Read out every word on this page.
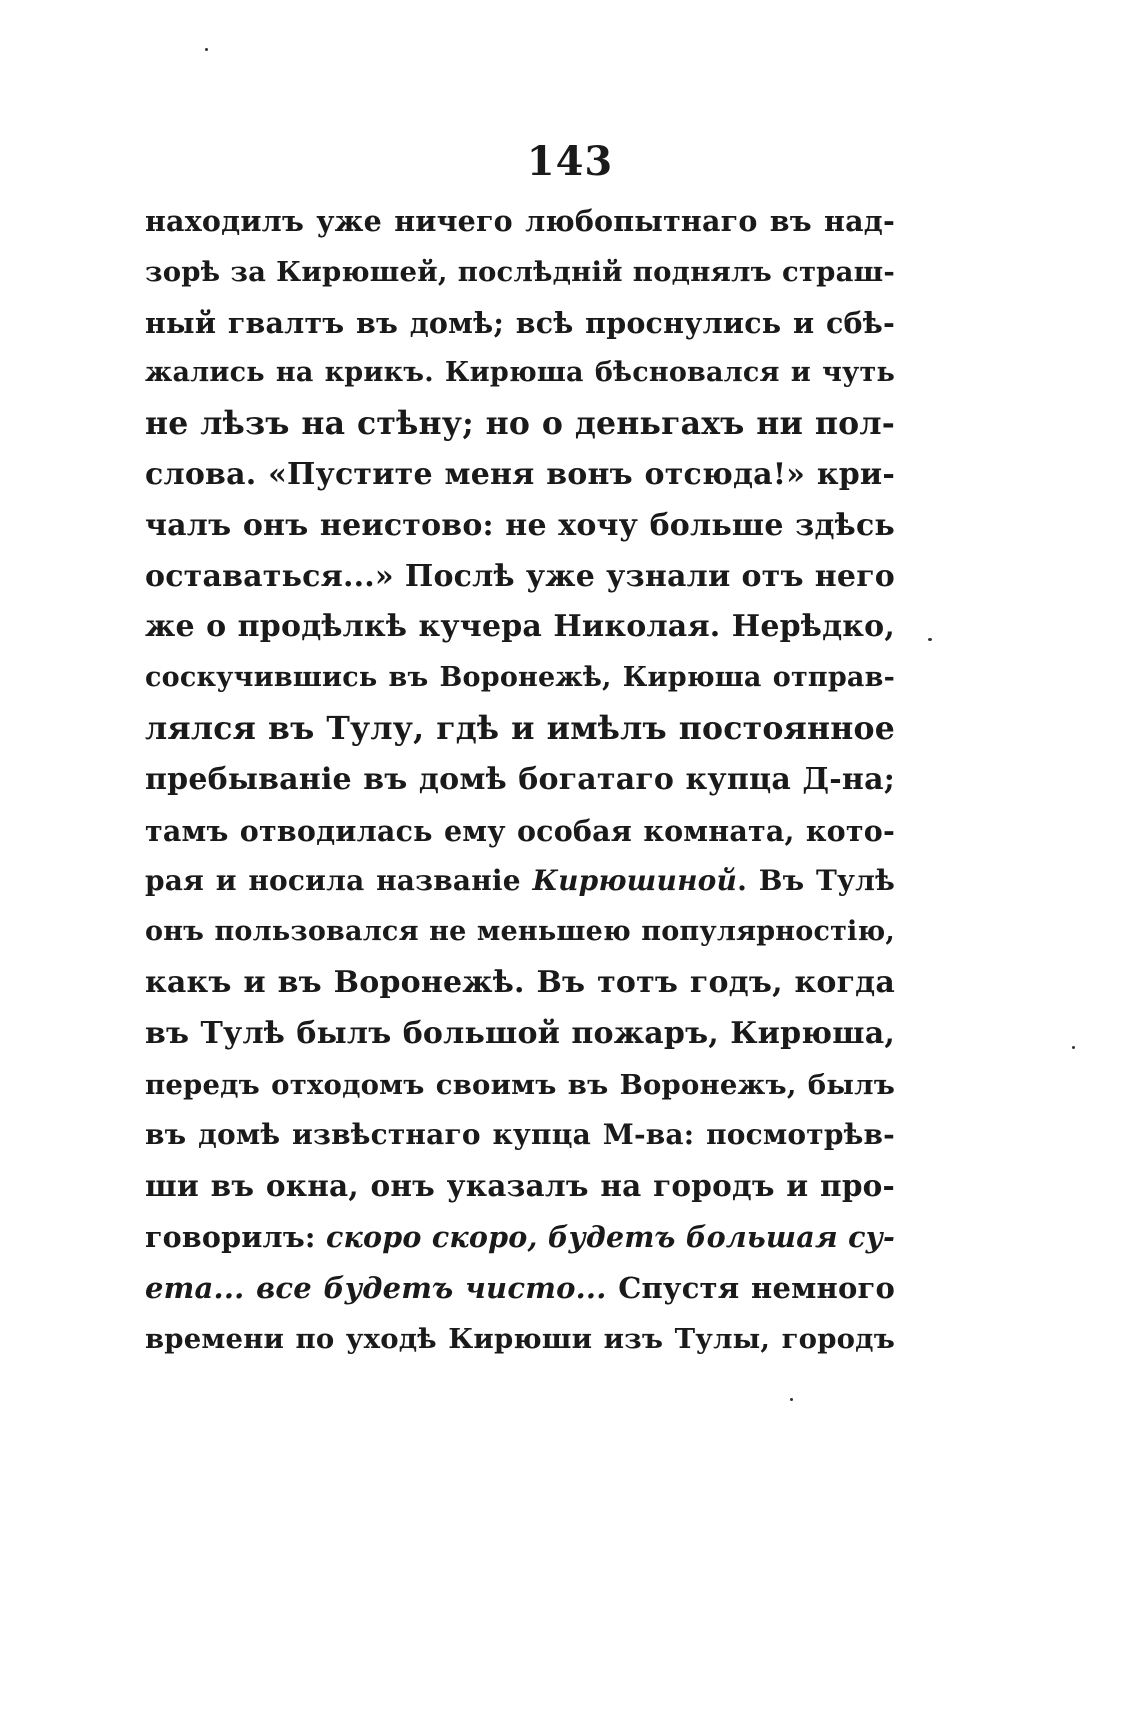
143
находилъ уже ничего любопытнаго въ над-
зорѣ за Кирюшей, послѣдній поднялъ страш-
ный гвалтъ въ домѣ; всѣ проснулись и сбѣ-
жались на крикъ. Кирюша бѣсновался и чуть
не лѣзъ на стѣну; но о деньгахъ ни пол-
слова. «Пустите меня вонъ отсюда!» кри-
чалъ онъ неистово: не хочу больше здѣсь
оставаться...» Послѣ уже узнали отъ него
же о продѣлкѣ кучера Николая. Нерѣдко,
соскучившись въ Воронежѣ, Кирюша отправ-
лялся въ Тулу, гдѣ и имѣлъ постоянное
пребываніе въ домѣ богатаго купца Д-на;
тамъ отводилась ему особая комната, кото-
рая и носила названіе Кирюшиной. Въ Тулѣ
онъ пользовался не меньшею популярностію,
какъ и въ Воронежѣ. Въ тотъ годъ, когда
въ Тулѣ былъ большой пожаръ, Кирюша,
передъ отходомъ своимъ въ Воронежъ, былъ
въ домѣ извѣстнаго купца М-ва: посмотрѣв-
ши въ окна, онъ указалъ на городъ и про-
говорилъ: скоро скоро, будетъ большая су-
ета... все будетъ чисто... Спустя немного
времени по уходѣ Кирюши изъ Тулы, городъ
